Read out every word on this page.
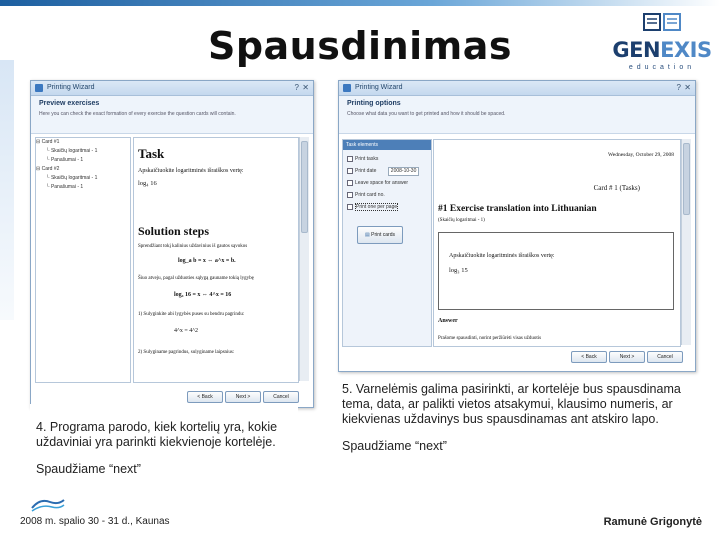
Spausdinimas	GENEXIS
education
Printing Wizard	? ✕
Preview exercises
Here you can check the exact formation of every exercise the question cards will contain.
⊟ Card #1
└ Skaičių logaritmai - 1
└ Panašumai - 1
⊟ Card #2
└ Skaičių logaritmai - 1
└ Panašumai - 1
Task
Apskaičiuokite logaritminės išraiškos vertę:
log₄ 16
Solution steps
Sprendžiant tokį kalinius uždavinius iš gautos sąvokos
log_a b = x ⇔ a^x = b.
Šiuo atveju, pagal užduoties sąlygą gauname tokią lygybę
log₄ 16 = x ⇔ 4^x = 16
1) Sulyginkite abi lygybės puses su bendru pagrindu:
4^x = 4^2
2) Sulyginame pagrindus, sulyginame laipsnius:
< Back	Next >	Cancel
Printing Wizard	? ✕
Printing options
Choose what data you want to get printed and how it should be spaced.
Task elements
Print tasks
Print date	2008-10-30
Leave space for answer
Print card no.
Print one per page
▤ Print cards
Wednesday, October 29, 2008
Card # 1 (Tasks)
#1 Exercise translation into Lithuanian
(Skaičių logaritmai - 1)
Apskaičiuokite logaritminės išraiškos vertę:
log₃ 15
Answer
Prašome spausdinti, norint peržiūrėti visas užduotis
< Back	Next >	Cancel
4. Programa parodo, kiek kortelių yra, kokie uždaviniai yra parinkti kiekvienoje kortelėje.
Spaudžiame “next”
5. Varnelėmis galima pasirinkti, ar kortelėje bus spausdinama tema, data, ar palikti vietos atsakymui, klausimo numeris, ar kiekvienas uždavinys bus spausdinamas ant atskiro lapo.
Spaudžiame “next”
2008 m. spalio 30 - 31 d., Kaunas	Ramunė Grigonytė
